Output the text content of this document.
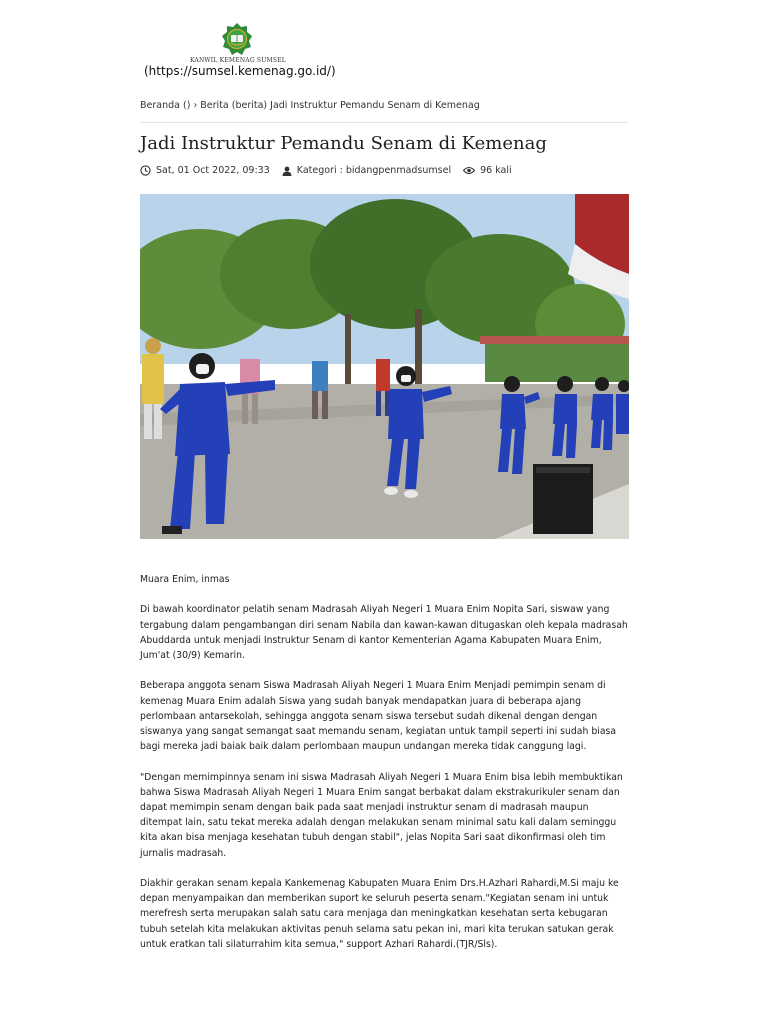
KANWIL KEMENAG SUMSEL
(https://sumsel.kemenag.go.id/)
Beranda () › Berita (berita) Jadi Instruktur Pemandu Senam di Kemenag
Jadi Instruktur Pemandu Senam di Kemenag
Sat, 01 Oct 2022, 09:33	Kategori : bidangpenmadsumsel	96 kali

Muara Enim, inmas

Di bawah koordinator pelatih senam Madrasah Aliyah Negeri 1 Muara Enim Nopita Sari, siswaw yang tergabung dalam pengambangan diri senam Nabila dan kawan-kawan ditugaskan oleh kepala madrasah Abuddarda untuk menjadi Instruktur Senam di kantor Kementerian Agama Kabupaten Muara Enim, Jum'at (30/9) Kemarin.

Beberapa anggota senam Siswa Madrasah Aliyah Negeri 1 Muara Enim Menjadi pemimpin senam di kemenag Muara Enim adalah Siswa yang sudah banyak mendapatkan juara di beberapa ajang perlombaan antarsekolah, sehingga anggota senam siswa tersebut sudah dikenal dengan dengan siswanya yang sangat semangat saat memandu senam, kegiatan untuk tampil seperti ini sudah biasa bagi mereka jadi baiak baik dalam perlombaan maupun undangan mereka tidak canggung lagi.

"Dengan memimpinnya senam ini siswa Madrasah Aliyah Negeri 1 Muara Enim bisa lebih membuktikan bahwa Siswa Madrasah Aliyah Negeri 1 Muara Enim sangat berbakat dalam ekstrakurikuler senam dan dapat memimpin senam dengan baik pada saat menjadi instruktur senam di madrasah maupun ditempat lain, satu tekat mereka adalah dengan melakukan senam minimal satu kali dalam seminggu kita akan bisa menjaga kesehatan tubuh dengan stabil", jelas Nopita Sari saat dikonfirmasi oleh tim jurnalis madrasah.

Diakhir gerakan senam kepala Kankemenag Kabupaten Muara Enim Drs.H.Azhari Rahardi,M.Si maju ke depan menyampaikan dan memberikan suport ke seluruh peserta senam."Kegiatan senam ini untuk merefresh serta merupakan salah satu cara menjaga dan meningkatkan kesehatan serta kebugaran tubuh setelah kita melakukan aktivitas penuh selama satu pekan ini, mari kita terukan satukan gerak untuk eratkan tali silaturrahim kita semua," support Azhari Rahardi.(TJR/Sls).
